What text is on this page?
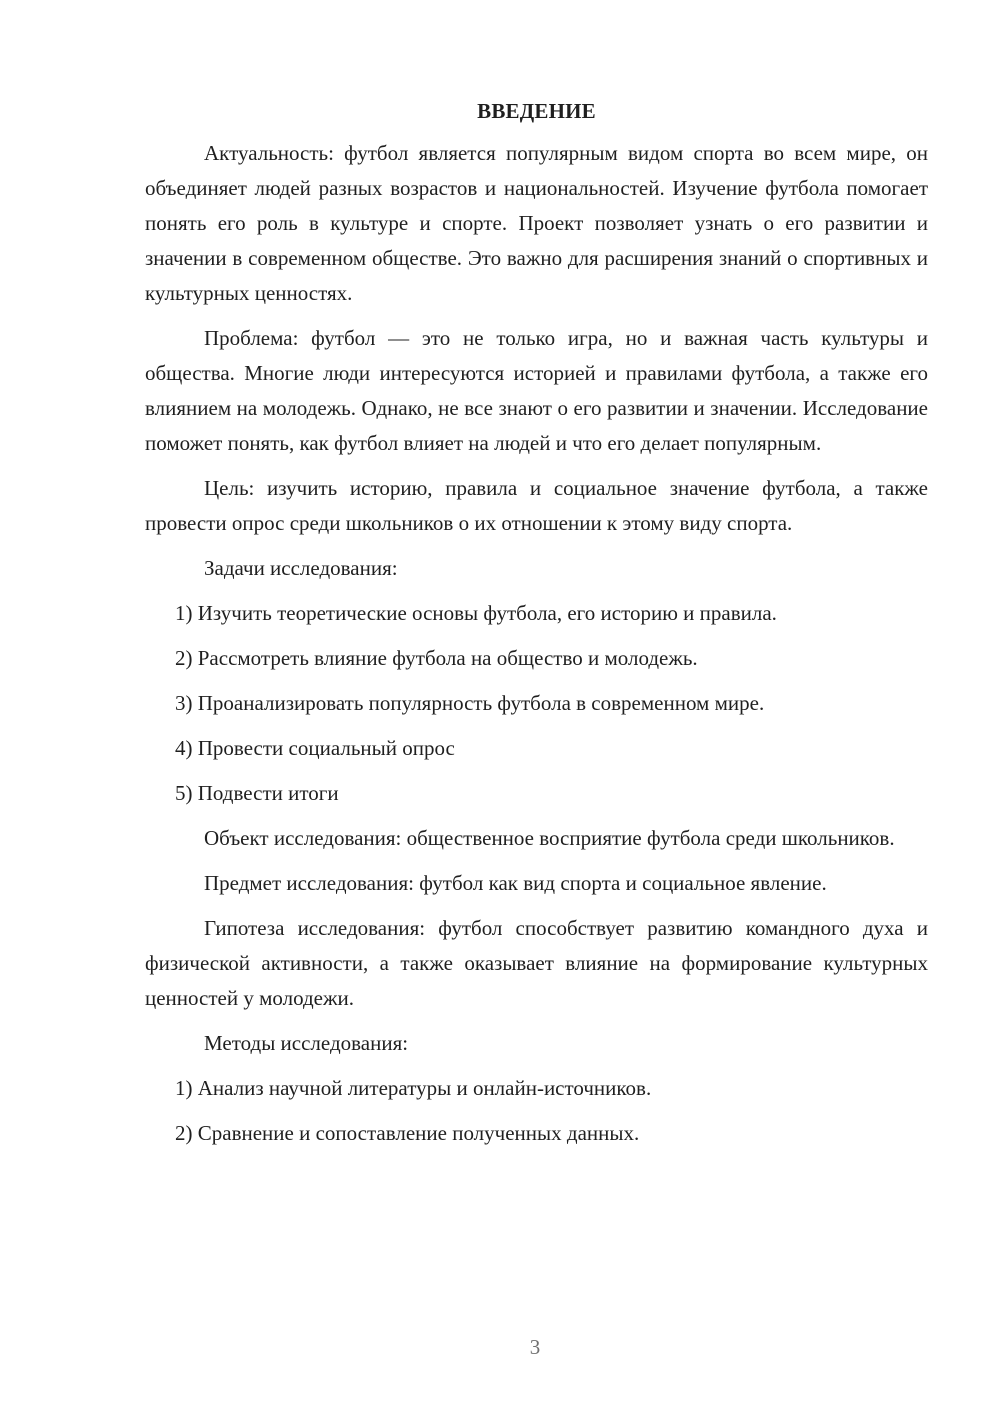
ВВЕДЕНИЕ

Актуальность: футбол является популярным видом спорта во всем мире, он объединяет людей разных возрастов и национальностей. Изучение футбола помогает понять его роль в культуре и спорте. Проект позволяет узнать о его развитии и значении в современном обществе. Это важно для расширения знаний о спортивных и культурных ценностях.

Проблема: футбол — это не только игра, но и важная часть культуры и общества. Многие люди интересуются историей и правилами футбола, а также его влиянием на молодежь. Однако, не все знают о его развитии и значении. Исследование поможет понять, как футбол влияет на людей и что его делает популярным.

Цель: изучить историю, правила и социальное значение футбола, а также провести опрос среди школьников о их отношении к этому виду спорта.

Задачи исследования:

1) Изучить теоретические основы футбола, его историю и правила.

2) Рассмотреть влияние футбола на общество и молодежь.

3) Проанализировать популярность футбола в современном мире.

4) Провести социальный опрос

5) Подвести итоги

Объект исследования: общественное восприятие футбола среди школьников.

Предмет исследования: футбол как вид спорта и социальное явление.

Гипотеза исследования: футбол способствует развитию командного духа и физической активности, а также оказывает влияние на формирование культурных ценностей у молодежи.

Методы исследования:

1) Анализ научной литературы и онлайн-источников.

2) Сравнение и сопоставление полученных данных.

3
